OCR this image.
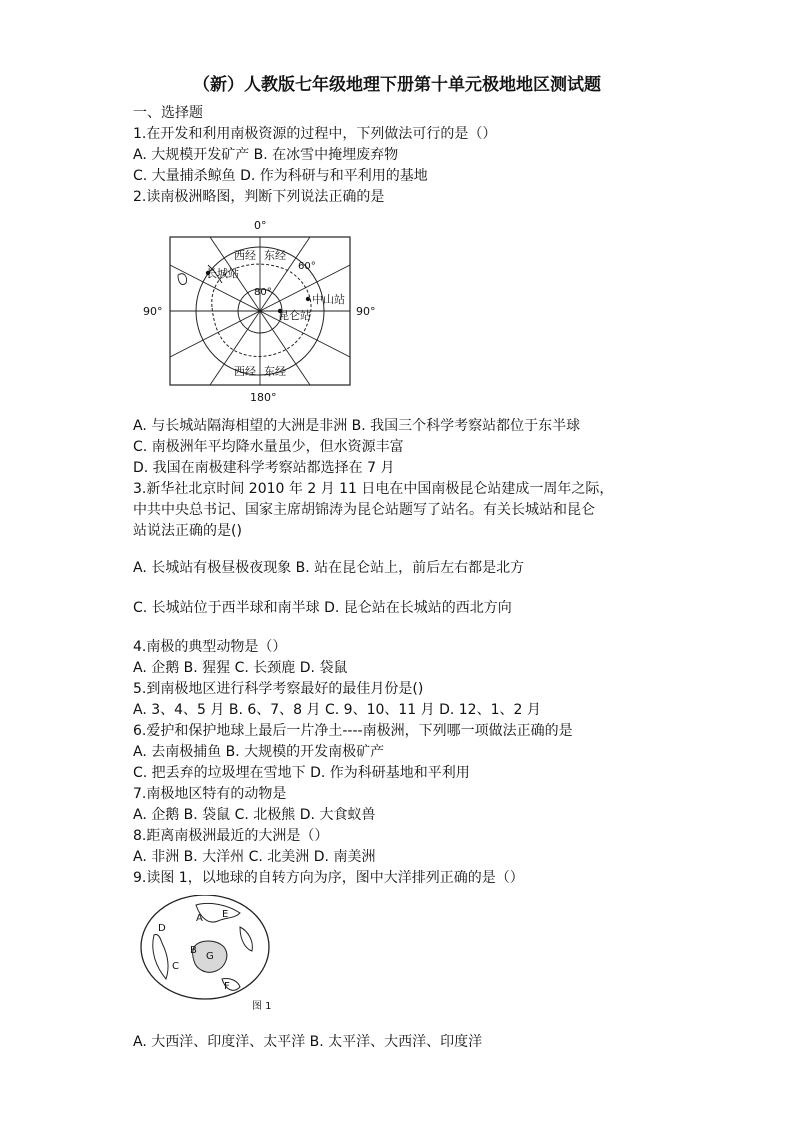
（新）人教版七年级地理下册第十单元极地地区测试题
一、选择题
1.在开发和利用南极资源的过程中，下列做法可行的是（）
A. 大规模开发矿产 B. 在冰雪中掩埋废弃物
C. 大量捕杀鲸鱼 D. 作为科研与和平利用的基地
2.读南极洲略图，判断下列说法正确的是
0°
180°
90°	90°
60°
80°
西经 东经
西经 东经
长城站
中山站
昆仑站
A. 与长城站隔海相望的大洲是非洲 B. 我国三个科学考察站都位于东半球
C. 南极洲年平均降水量虽少，但水资源丰富
D. 我国在南极建科学考察站都选择在 7 月
3.新华社北京时间 2010 年 2 月 11 日电在中国南极昆仑站建成一周年之际，
中共中央总书记、国家主席胡锦涛为昆仑站题写了站名。有关长城站和昆仑
站说法正确的是()
A. 长城站有极昼极夜现象 B. 站在昆仑站上，前后左右都是北方
C. 长城站位于西半球和南半球 D. 昆仑站在长城站的西北方向
4.南极的典型动物是（）
A. 企鹅 B. 猩猩 C. 长颈鹿 D. 袋鼠
5.到南极地区进行科学考察最好的最佳月份是()
A. 3、4、5 月 B. 6、7、8 月 C. 9、10、11 月 D. 12、1、2 月
6.爱护和保护地球上最后一片净土----南极洲，下列哪一项做法正确的是
A. 去南极捕鱼 B. 大规模的开发南极矿产
C. 把丢弃的垃圾埋在雪地下 D. 作为科研基地和平利用
7.南极地区特有的动物是
A. 企鹅 B. 袋鼠 C. 北极熊 D. 大食蚁兽
8.距离南极洲最近的大洲是（）
A. 非洲 B. 大洋州 C. 北美洲 D. 南美洲
9.读图 1，以地球的自转方向为序，图中大洋排列正确的是（）
A
B
C
D
E
F
G
图 1
A. 大西洋、印度洋、太平洋 B. 太平洋、大西洋、印度洋
